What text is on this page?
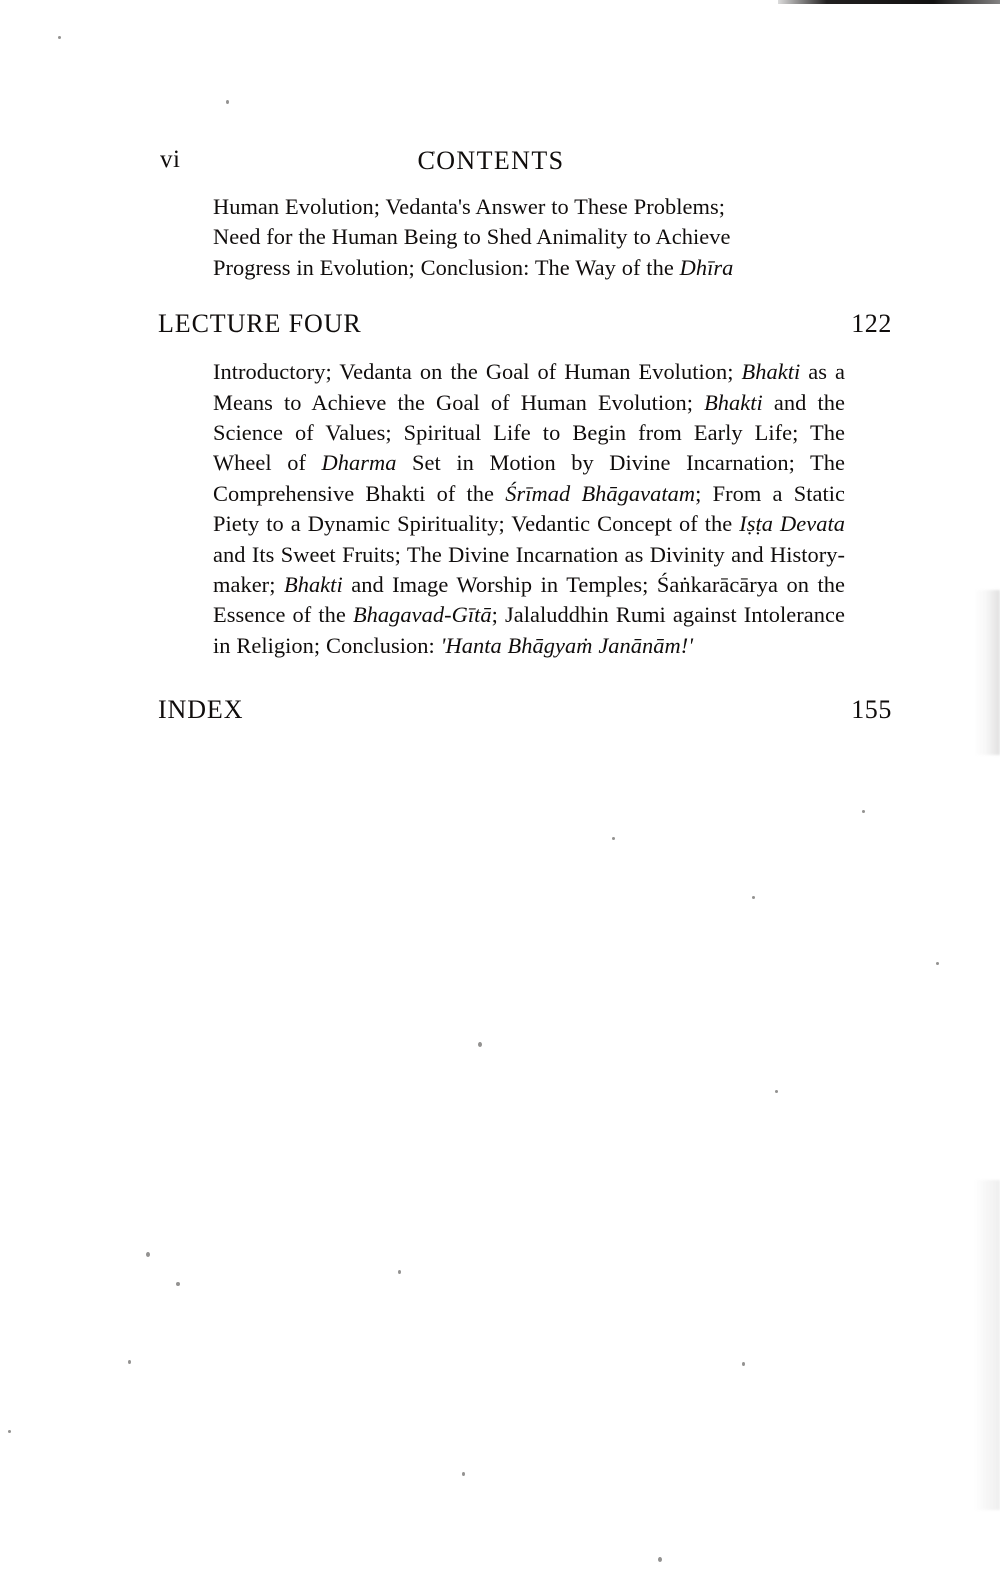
vi	CONTENTS

Human Evolution; Vedanta's Answer to These Problems;
Need for the Human Being to Shed Animality to Achieve
Progress in Evolution; Conclusion: The Way of the Dhīra

LECTURE FOUR	122

Introductory; Vedanta on the Goal of Human Evolution; Bhakti as a Means to Achieve the Goal of Human Evolution; Bhakti and the Science of Values; Spiritual Life to Begin from Early Life; The Wheel of Dharma Set in Motion by Divine Incarnation; The Comprehensive Bhakti of the Śrīmad Bhāgavatam; From a Static Piety to a Dynamic Spirituality; Vedantic Concept of the Iṣṭa Devata and Its Sweet Fruits; The Divine Incarnation as Divinity and History-maker; Bhakti and Image Worship in Temples; Śaṅkarācārya on the Essence of the Bhagavad-Gītā; Jalaluddhin Rumi against Intolerance in Religion; Conclusion: 'Hanta Bhāgyaṁ Janānām!'

INDEX	155
